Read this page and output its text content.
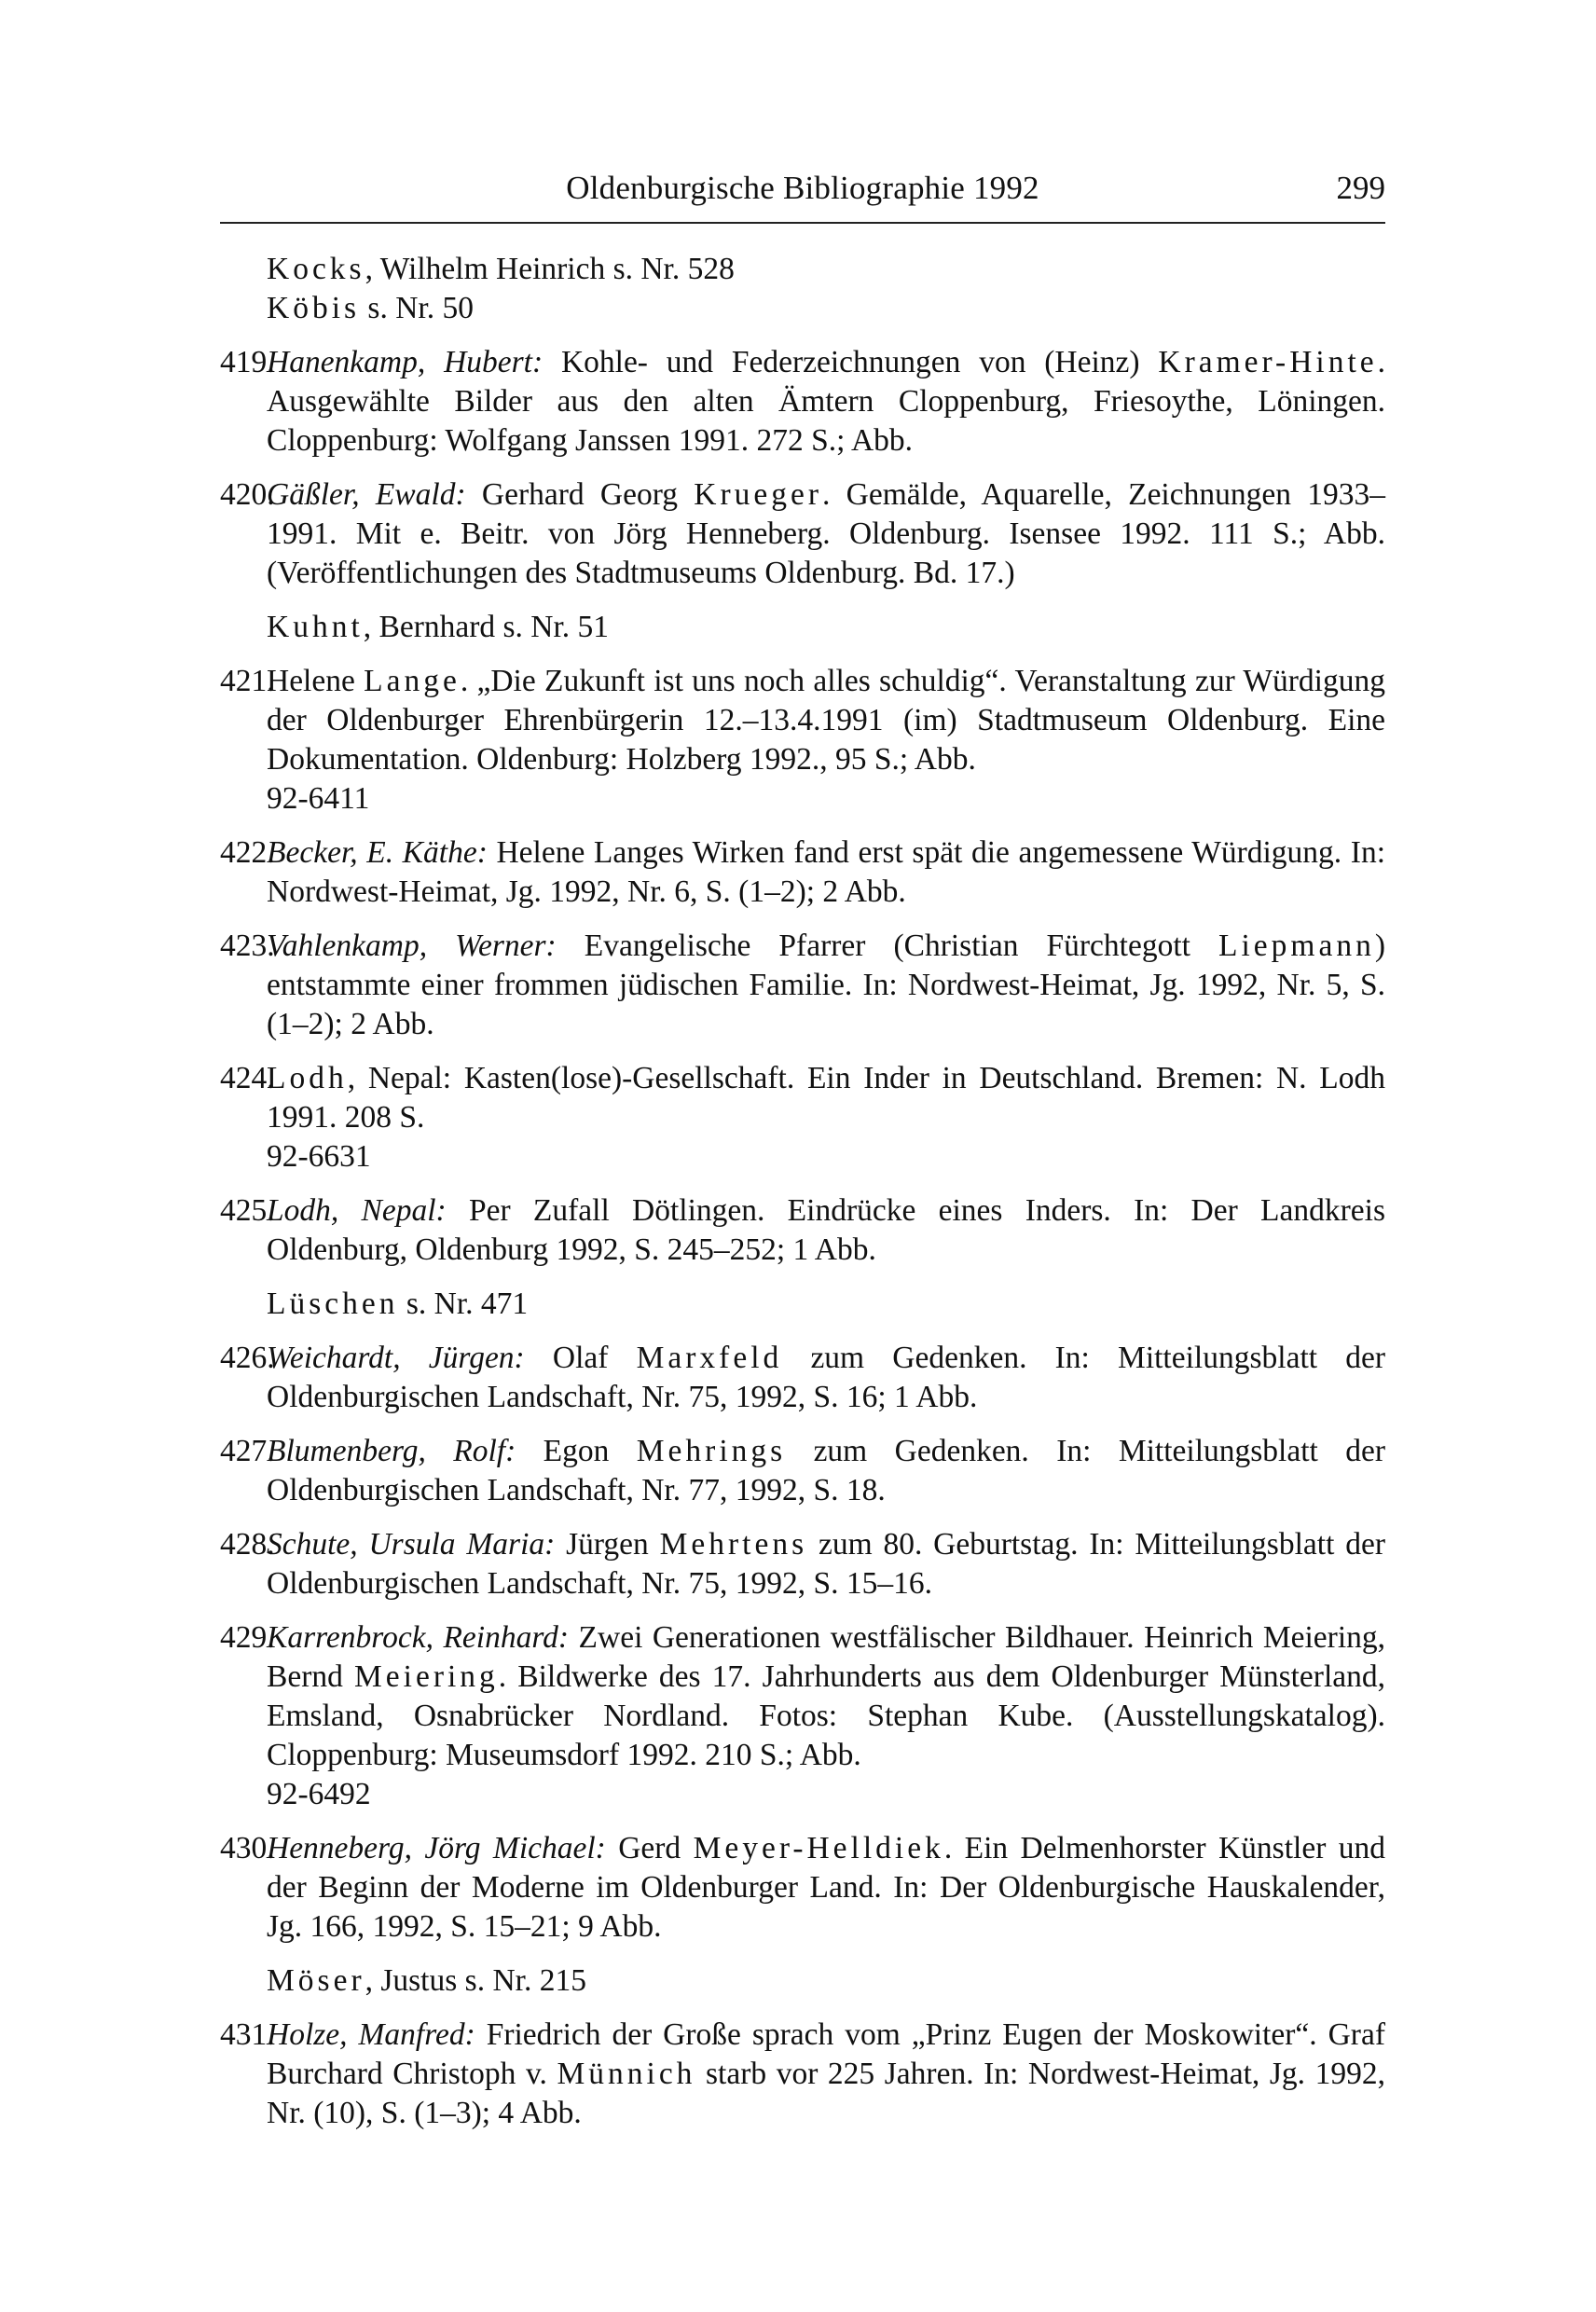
Oldenburgische Bibliographie 1992	299
Kocks, Wilhelm Heinrich s. Nr. 528
Köbis s. Nr. 50
419.
Hanenkamp, Hubert: Kohle- und Federzeichnungen von (Heinz) Kramer-Hinte. Ausgewählte Bilder aus den alten Ämtern Cloppenburg, Friesoythe, Löningen. Cloppenburg: Wolfgang Janssen 1991. 272 S.; Abb.
420.
Gäßler, Ewald: Gerhard Georg Krueger. Gemälde, Aquarelle, Zeichnungen 1933–1991. Mit e. Beitr. von Jörg Henneberg. Oldenburg. Isensee 1992. 111 S.; Abb. (Veröffentlichungen des Stadtmuseums Oldenburg. Bd. 17.)
Kuhnt, Bernhard s. Nr. 51
421.
Helene Lange. „Die Zukunft ist uns noch alles schuldig“. Veranstaltung zur Würdigung der Oldenburger Ehrenbürgerin 12.–13.4.1991 (im) Stadtmuseum Oldenburg. Eine Dokumentation. Oldenburg: Holzberg 1992., 95 S.; Abb.
92-6411
422.
Becker, E. Käthe: Helene Langes Wirken fand erst spät die angemessene Würdigung. In: Nordwest-Heimat, Jg. 1992, Nr. 6, S. (1–2); 2 Abb.
423.
Vahlenkamp, Werner: Evangelische Pfarrer (Christian Fürchtegott Liepmann) entstammte einer frommen jüdischen Familie. In: Nordwest-Heimat, Jg. 1992, Nr. 5, S. (1–2); 2 Abb.
424.
Lodh, Nepal: Kasten(lose)-Gesellschaft. Ein Inder in Deutschland. Bremen: N. Lodh 1991. 208 S.
92-6631
425.
Lodh, Nepal: Per Zufall Dötlingen. Eindrücke eines Inders. In: Der Landkreis Oldenburg, Oldenburg 1992, S. 245–252; 1 Abb.
Lüschen s. Nr. 471
426.
Weichardt, Jürgen: Olaf Marxfeld zum Gedenken. In: Mitteilungsblatt der Oldenburgischen Landschaft, Nr. 75, 1992, S. 16; 1 Abb.
427.
Blumenberg, Rolf: Egon Mehrings zum Gedenken. In: Mitteilungsblatt der Oldenburgischen Landschaft, Nr. 77, 1992, S. 18.
428.
Schute, Ursula Maria: Jürgen Mehrtens zum 80. Geburtstag. In: Mitteilungsblatt der Oldenburgischen Landschaft, Nr. 75, 1992, S. 15–16.
429.
Karrenbrock, Reinhard: Zwei Generationen westfälischer Bildhauer. Heinrich Meiering, Bernd Meiering. Bildwerke des 17. Jahrhunderts aus dem Oldenburger Münsterland, Emsland, Osnabrücker Nordland. Fotos: Stephan Kube. (Ausstellungskatalog). Cloppenburg: Museumsdorf 1992. 210 S.; Abb.
92-6492
430.
Henneberg, Jörg Michael: Gerd Meyer-Helldiek. Ein Delmenhorster Künstler und der Beginn der Moderne im Oldenburger Land. In: Der Oldenburgische Hauskalender, Jg. 166, 1992, S. 15–21; 9 Abb.
Möser, Justus s. Nr. 215
431.
Holze, Manfred: Friedrich der Große sprach vom „Prinz Eugen der Moskowiter“. Graf Burchard Christoph v. Münnich starb vor 225 Jahren. In: Nordwest-Heimat, Jg. 1992, Nr. (10), S. (1–3); 4 Abb.
